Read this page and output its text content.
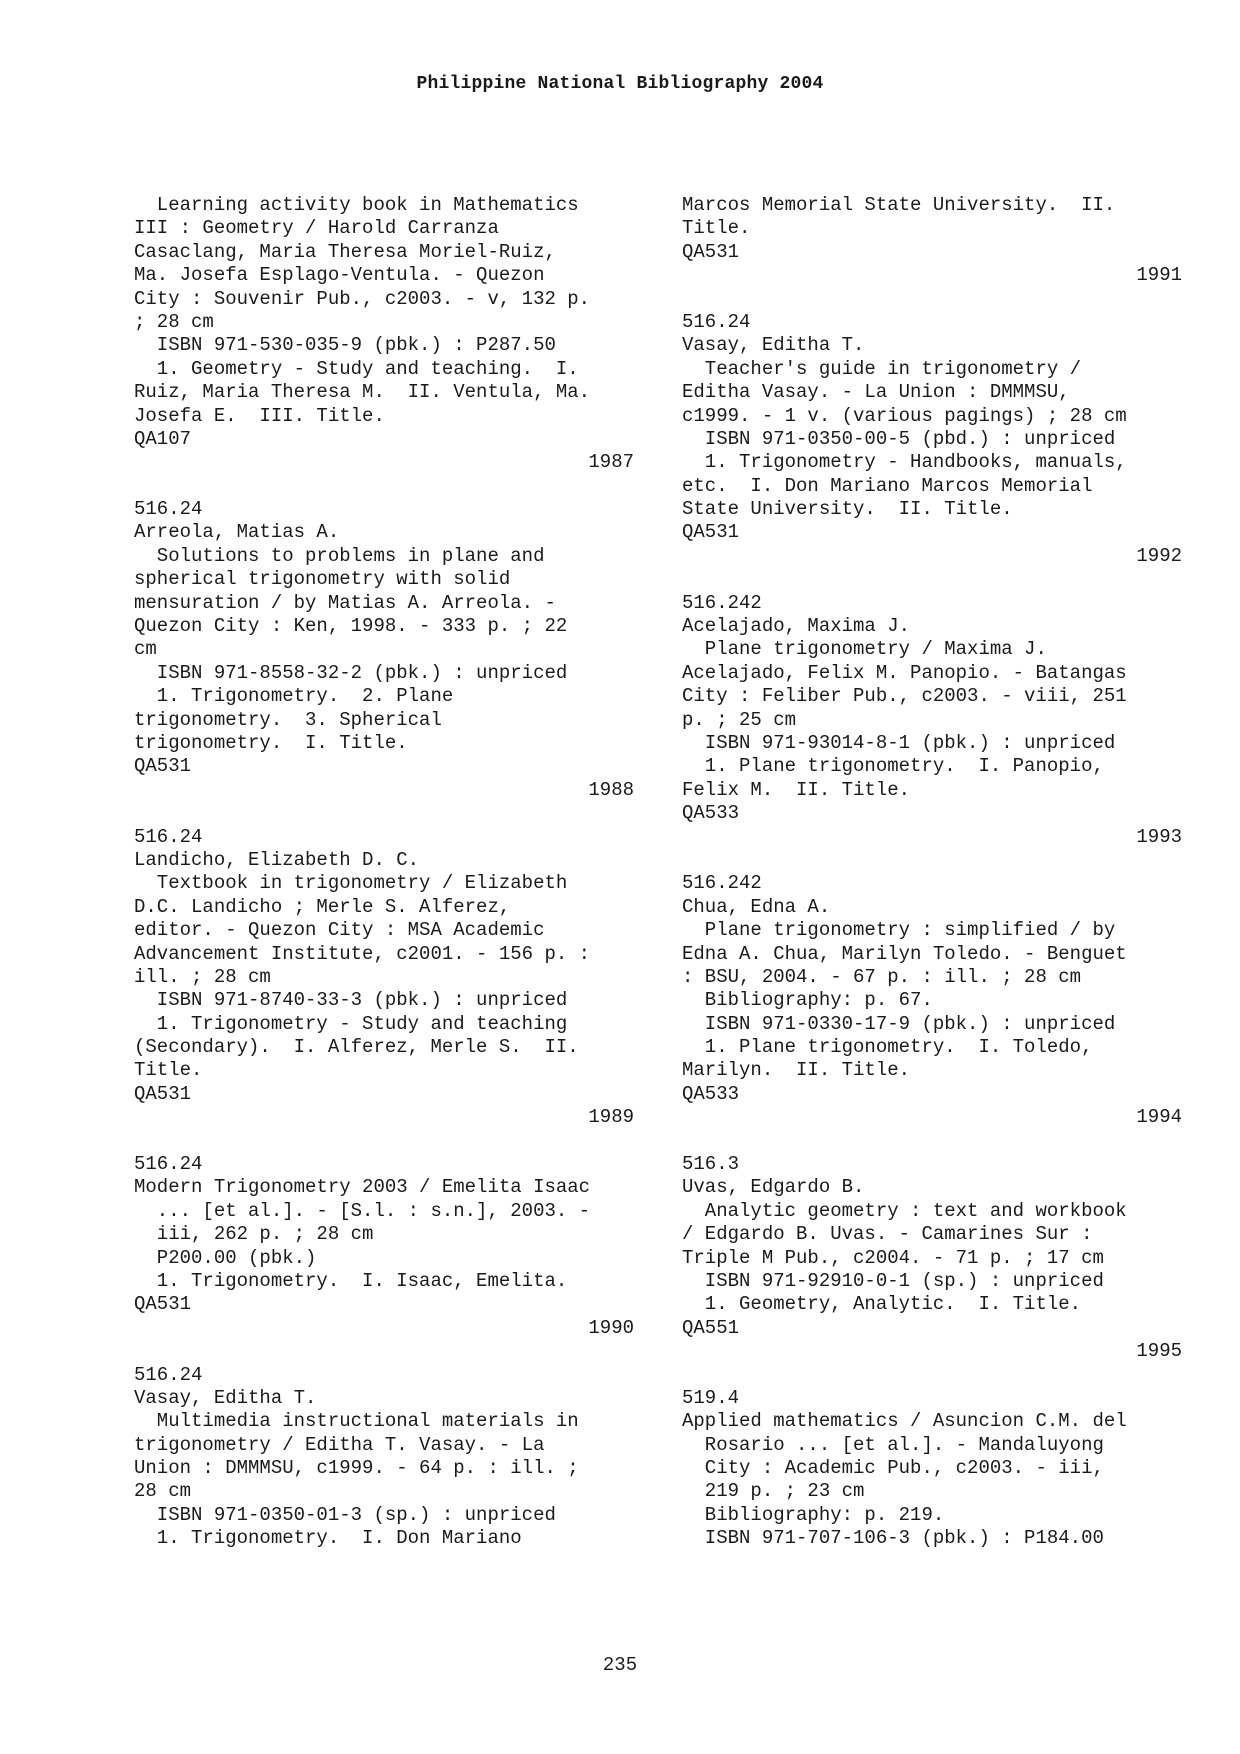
Philippine National Bibliography 2004
Learning activity book in Mathematics
III : Geometry / Harold Carranza
Casaclang, Maria Theresa Moriel-Ruiz,
Ma. Josefa Esplago-Ventula. - Quezon
City : Souvenir Pub., c2003. - v, 132 p.
; 28 cm
ISBN 971-530-035-9 (pbk.) : P287.50
1. Geometry - Study and teaching.  I.
Ruiz, Maria Theresa M.  II. Ventula, Ma.
Josefa E.  III. Title.
QA107
1987
516.24
Arreola, Matias A.
Solutions to problems in plane and
spherical trigonometry with solid
mensuration / by Matias A. Arreola. -
Quezon City : Ken, 1998. - 333 p. ; 22
cm
ISBN 971-8558-32-2 (pbk.) : unpriced
1. Trigonometry.  2. Plane
trigonometry.  3. Spherical
trigonometry.  I. Title.
QA531
1988
516.24
Landicho, Elizabeth D. C.
Textbook in trigonometry / Elizabeth
D.C. Landicho ; Merle S. Alferez,
editor. - Quezon City : MSA Academic
Advancement Institute, c2001. - 156 p. :
ill. ; 28 cm
ISBN 971-8740-33-3 (pbk.) : unpriced
1. Trigonometry - Study and teaching
(Secondary).  I. Alferez, Merle S.  II.
Title.
QA531
1989
516.24
Modern Trigonometry 2003 / Emelita Isaac
... [et al.]. - [S.l. : s.n.], 2003. -
iii, 262 p. ; 28 cm
P200.00 (pbk.)
1. Trigonometry.  I. Isaac, Emelita.
QA531
1990
516.24
Vasay, Editha T.
Multimedia instructional materials in
trigonometry / Editha T. Vasay. - La
Union : DMMMSU, c1999. - 64 p. : ill. ;
28 cm
ISBN 971-0350-01-3 (sp.) : unpriced
1. Trigonometry.  I. Don Mariano
Marcos Memorial State University.  II.
Title.
QA531
1991
516.24
Vasay, Editha T.
Teacher's guide in trigonometry /
Editha Vasay. - La Union : DMMMSU,
c1999. - 1 v. (various pagings) ; 28 cm
ISBN 971-0350-00-5 (pbd.) : unpriced
1. Trigonometry - Handbooks, manuals,
etc.  I. Don Mariano Marcos Memorial
State University.  II. Title.
QA531
1992
516.242
Acelajado, Maxima J.
Plane trigonometry / Maxima J.
Acelajado, Felix M. Panopio. - Batangas
City : Feliber Pub., c2003. - viii, 251
p. ; 25 cm
ISBN 971-93014-8-1 (pbk.) : unpriced
1. Plane trigonometry.  I. Panopio,
Felix M.  II. Title.
QA533
1993
516.242
Chua, Edna A.
Plane trigonometry : simplified / by
Edna A. Chua, Marilyn Toledo. - Benguet
: BSU, 2004. - 67 p. : ill. ; 28 cm
Bibliography: p. 67.
ISBN 971-0330-17-9 (pbk.) : unpriced
1. Plane trigonometry.  I. Toledo,
Marilyn.  II. Title.
QA533
1994
516.3
Uvas, Edgardo B.
Analytic geometry : text and workbook
/ Edgardo B. Uvas. - Camarines Sur :
Triple M Pub., c2004. - 71 p. ; 17 cm
ISBN 971-92910-0-1 (sp.) : unpriced
1. Geometry, Analytic.  I. Title.
QA551
1995
519.4
Applied mathematics / Asuncion C.M. del
Rosario ... [et al.]. - Mandaluyong
City : Academic Pub., c2003. - iii,
219 p. ; 23 cm
Bibliography: p. 219.
ISBN 971-707-106-3 (pbk.) : P184.00
235
